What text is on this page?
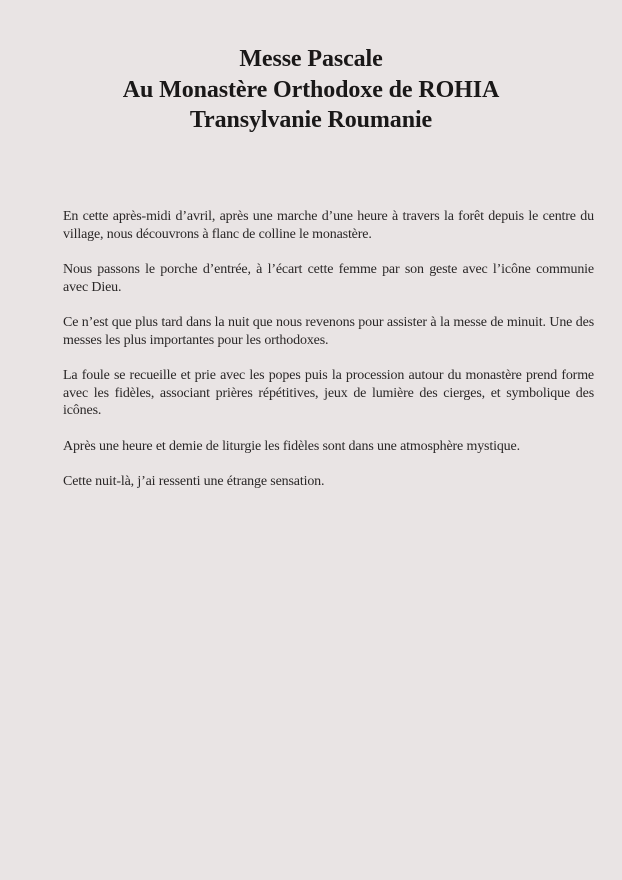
Messe Pascale
Au Monastère Orthodoxe de ROHIA
Transylvanie Roumanie

En cette après-midi d’avril, après une marche d’une heure à travers la forêt depuis le centre du village, nous découvrons à flanc de colline le monastère.

Nous passons le porche d’entrée, à l’écart cette femme par son geste avec l’icône communie avec Dieu.

Ce n’est que plus tard dans la nuit que nous revenons pour assister à la messe de minuit. Une des messes les plus importantes pour les orthodoxes.

La foule se recueille et prie avec les popes puis la procession autour du monastère prend forme avec les fidèles, associant prières répétitives, jeux de lumière des cierges, et symbolique des icônes.

Après une heure et demie de liturgie les fidèles sont dans une atmosphère mystique.

Cette nuit-là, j’ai ressenti une étrange sensation.
